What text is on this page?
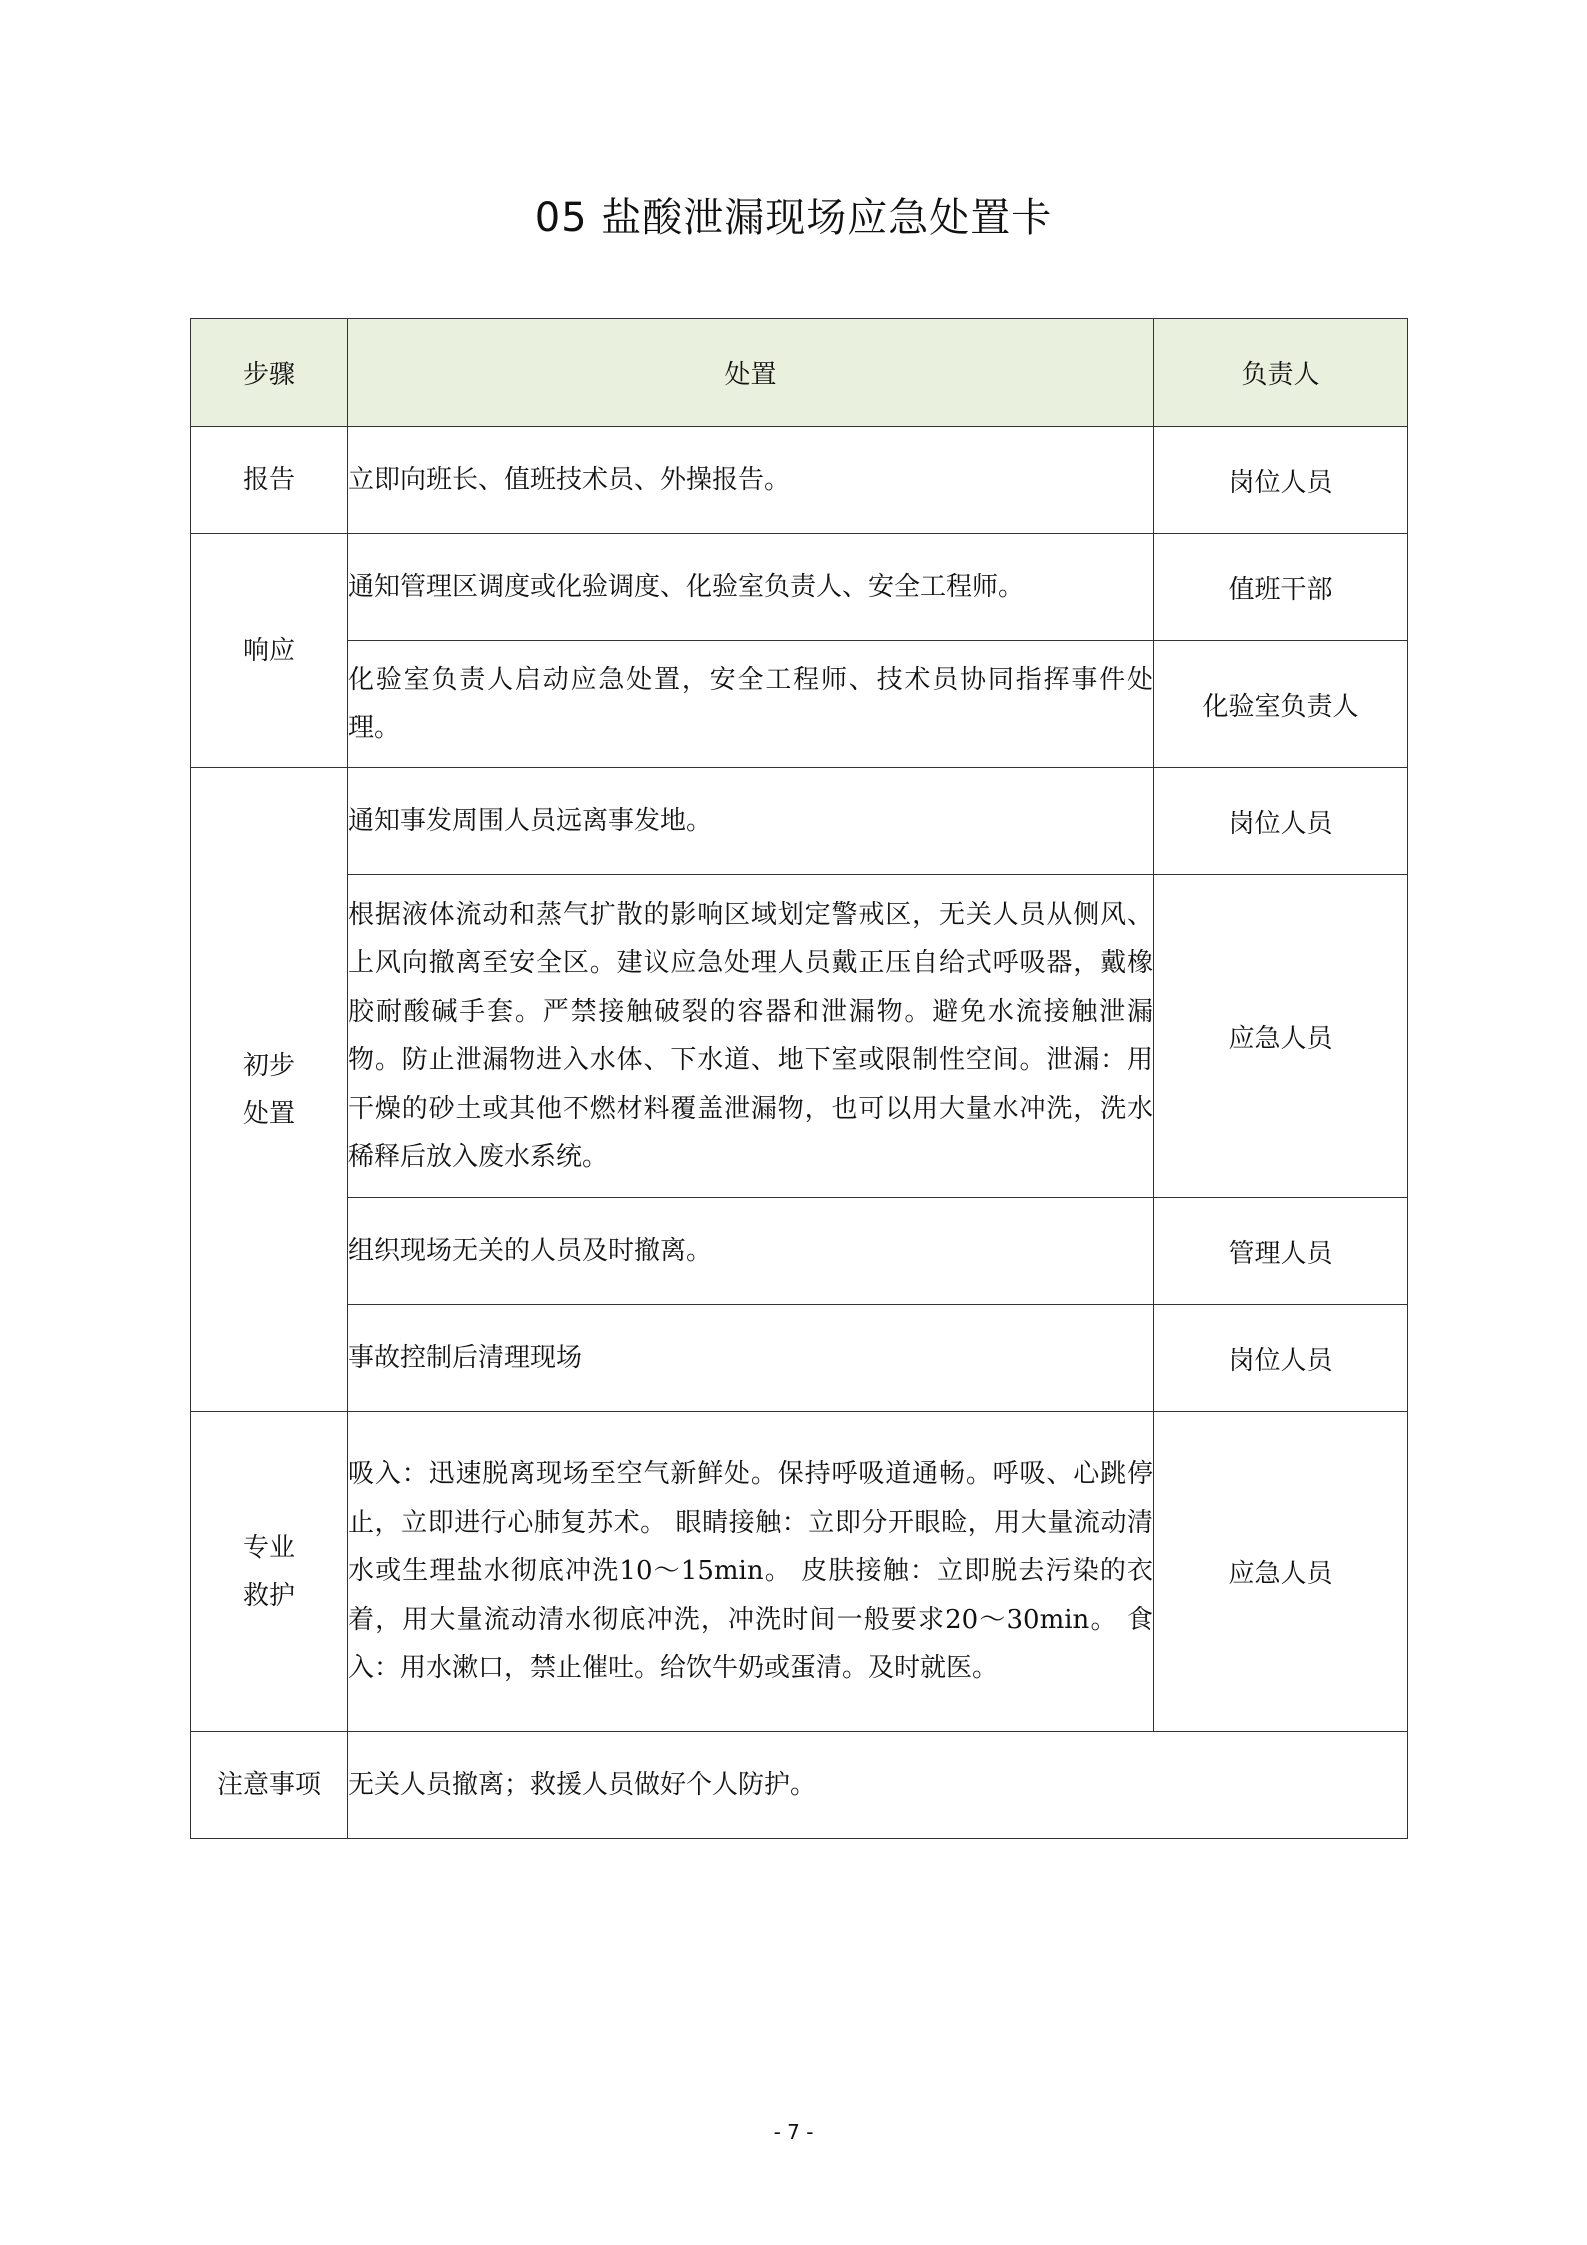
05 盐酸泄漏现场应急处置卡
步骤	处置	负责人
报告	立即向班长、值班技术员、外操报告。	岗位人员
响应	通知管理区调度或化验调度、化验室负责人、安全工程师。	值班干部
	化验室负责人启动应急处置，安全工程师、技术员协同指挥事件处理。	化验室负责人

初步处置	通知事发周围人员远离事发地。	岗位人员
	根据液体流动和蒸气扩散的影响区域划定警戒区，无关人员从侧风、上风向撤离至安全区。建议应急处理人员戴正压自给式呼吸器，戴橡胶耐酸碱手套。严禁接触破裂的容器和泄漏物。避免水流接触泄漏物。防止泄漏物进入水体、下水道、地下室或限制性空间。泄漏：用干燥的砂土或其他不燃材料覆盖泄漏物，也可以用大量水冲洗，洗水稀释后放入废水系统。	应急人员
	组织现场无关的人员及时撤离。	管理人员
	事故控制后清理现场	岗位人员

专业救护	吸入：迅速脱离现场至空气新鲜处。保持呼吸道通畅。呼吸、心跳停止，立即进行心肺复苏术。 眼睛接触：立即分开眼睑，用大量流动清水或生理盐水彻底冲洗10～15min。 皮肤接触：立即脱去污染的衣着，用大量流动清水彻底冲洗，冲洗时间一般要求20～30min。 食入：用水漱口，禁止催吐。给饮牛奶或蛋清。及时就医。	应急人员
注意事项	无关人员撤离；救援人员做好个人防护。	
- 7 -
